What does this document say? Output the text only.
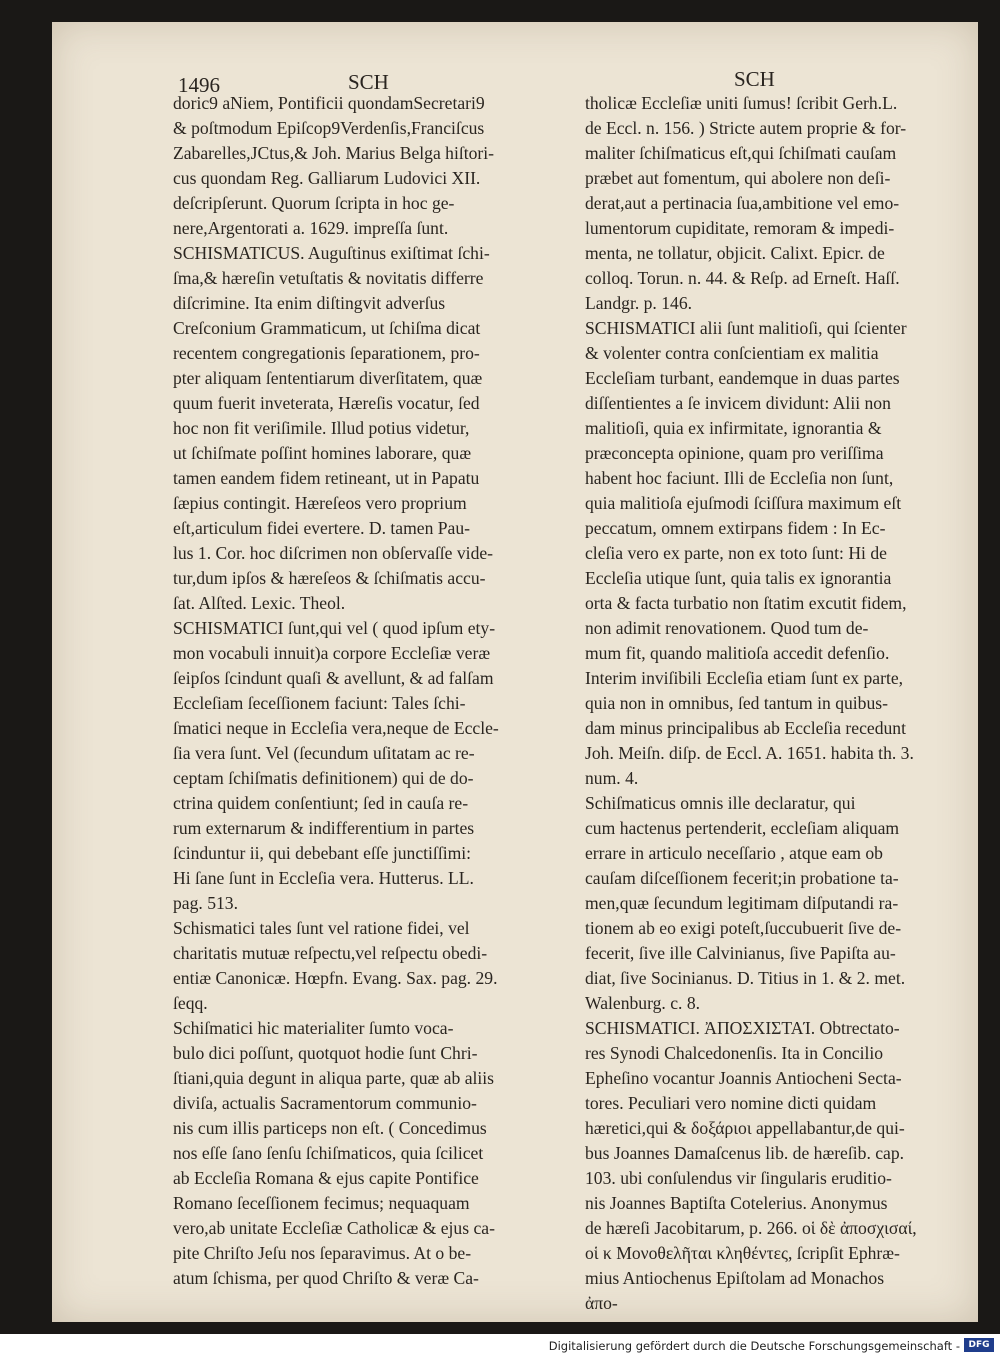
1496	SCH	SCH
doric9 aNiem, Pontificii quondamSecretari9
& poſtmodum Epiſcop9Verdenſis,Franciſcus
Zabarelles,JCtus,& Joh. Marius Belga hiſtori-
cus quondam Reg. Galliarum Ludovici XII.
deſcripſerunt. Quorum ſcripta in hoc ge-
nere,Argentorati a. 1629. impreſſa ſunt.
SCHISMATICUS. Auguſtinus exiſtimat ſchi-
ſma,& hæreſin vetuſtatis & novitatis differre
diſcrimine. Ita enim diſtingvit adverſus
Creſconium Grammaticum, ut ſchiſma dicat
recentem congregationis ſeparationem, pro-
pter aliquam ſententiarum diverſitatem, quæ
quum fuerit inveterata, Hæreſis vocatur, ſed
hoc non fit veriſimile. Illud potius videtur,
ut ſchiſmate poſſint homines laborare, quæ
tamen eandem fidem retineant, ut in Papatu
ſæpius contingit. Hæreſeos vero proprium
eſt,articulum fidei evertere. D. tamen Pau-
lus 1. Cor. hoc diſcrimen non obſervaſſe vide-
tur,dum ipſos & hæreſeos & ſchiſmatis accu-
ſat. Alſted. Lexic. Theol.
SCHISMATICI ſunt,qui vel ( quod ipſum ety-
mon vocabuli innuit)a corpore Eccleſiæ veræ
ſeipſos ſcindunt quaſi & avellunt, & ad falſam
Eccleſiam ſeceſſionem faciunt: Tales ſchi-
ſmatici neque in Eccleſia vera,neque de Eccle-
ſia vera ſunt. Vel (ſecundum uſitatam ac re-
ceptam ſchiſmatis definitionem) qui de do-
ctrina quidem conſentiunt; ſed in cauſa re-
rum externarum & indifferentium in partes
ſcinduntur ii, qui debebant eſſe junctiſſimi:
Hi ſane ſunt in Eccleſia vera. Hutterus. LL.
pag. 513.
Schismatici tales ſunt vel ratione fidei, vel
charitatis mutuæ reſpectu,vel reſpectu obedi-
entiæ Canonicæ. Hœpfn. Evang. Sax. pag. 29.
ſeqq.
Schiſmatici hic materialiter ſumto voca-
bulo dici poſſunt, quotquot hodie ſunt Chri-
ſtiani,quia degunt in aliqua parte, quæ ab aliis
diviſa, actualis Sacramentorum communio-
nis cum illis particeps non eſt. ( Concedimus
nos eſſe ſano ſenſu ſchiſmaticos, quia ſcilicet
ab Eccleſia Romana & ejus capite Pontifice
Romano ſeceſſionem fecimus; nequaquam
vero,ab unitate Eccleſiæ Catholicæ & ejus ca-
pite Chriſto Jeſu nos ſeparavimus. At o be-
atum ſchisma, per quod Chriſto & veræ Ca-
tholicæ Eccleſiæ uniti ſumus! ſcribit Gerh.L.
de Eccl. n. 156. ) Stricte autem proprie & for-
maliter ſchiſmaticus eſt,qui ſchiſmati cauſam
præbet aut fomentum, qui abolere non deſi-
derat,aut a pertinacia ſua,ambitione vel emo-
lumentorum cupiditate, remoram & impedi-
menta, ne tollatur, objicit. Calixt. Epicr. de
colloq. Torun. n. 44. & Reſp. ad Erneſt. Haſſ.
Landgr. p. 146.
SCHISMATICI alii ſunt malitioſi, qui ſcienter
& volenter contra conſcientiam ex malitia
Eccleſiam turbant, eandemque in duas partes
diſſentientes a ſe invicem dividunt: Alii non
malitioſi, quia ex infirmitate, ignorantia &
præconcepta opinione, quam pro veriſſima
habent hoc faciunt. Illi de Eccleſia non ſunt,
quia malitioſa ejuſmodi ſciſſura maximum eſt
peccatum, omnem extirpans fidem : In Ec-
cleſia vero ex parte, non ex toto ſunt: Hi de
Eccleſia utique ſunt, quia talis ex ignorantia
orta & facta turbatio non ſtatim excutit fidem,
non adimit renovationem. Quod tum de-
mum fit, quando malitioſa accedit defenſio.
Interim inviſibili Eccleſia etiam ſunt ex parte,
quia non in omnibus, ſed tantum in quibus-
dam minus principalibus ab Eccleſia recedunt
Joh. Meiſn. diſp. de Eccl. A. 1651. habita th. 3.
num. 4.
Schiſmaticus omnis ille declaratur, qui
cum hactenus pertenderit, eccleſiam aliquam
errare in articulo neceſſario , atque eam ob
cauſam diſceſſionem fecerit;in probatione ta-
men,quæ ſecundum legitimam diſputandi ra-
tionem ab eo exigi poteſt,ſuccubuerit ſive de-
fecerit, ſive ille Calvinianus, ſive Papiſta au-
diat, ſive Socinianus. D. Titius in 1. & 2. met.
Walenburg. c. 8.
SCHISMATICI. ἈΠΟΣΧΙΣΤΑΊ. Obtrectato-
res Synodi Chalcedonenſis. Ita in Concilio
Epheſino vocantur Joannis Antiocheni Secta-
tores. Peculiari vero nomine dicti quidam
hæretici,qui & δοξάριοι appellabantur,de qui-
bus Joannes Damaſcenus lib. de hæreſib. cap.
103. ubi conſulendus vir ſingularis eruditio-
nis Joannes Baptiſta Cotelerius. Anonymus
de hæreſi Jacobitarum, p. 266. οἱ δὲ ἀποσχισαί,
οἱ κ Μονοθελῆται κληθέντες, ſcripſit Ephræ-
mius Antiochenus Epiſtolam ad Monachos
ἀπο-
Digitalisierung gefördert durch die Deutsche Forschungsgemeinschaft - DFG
